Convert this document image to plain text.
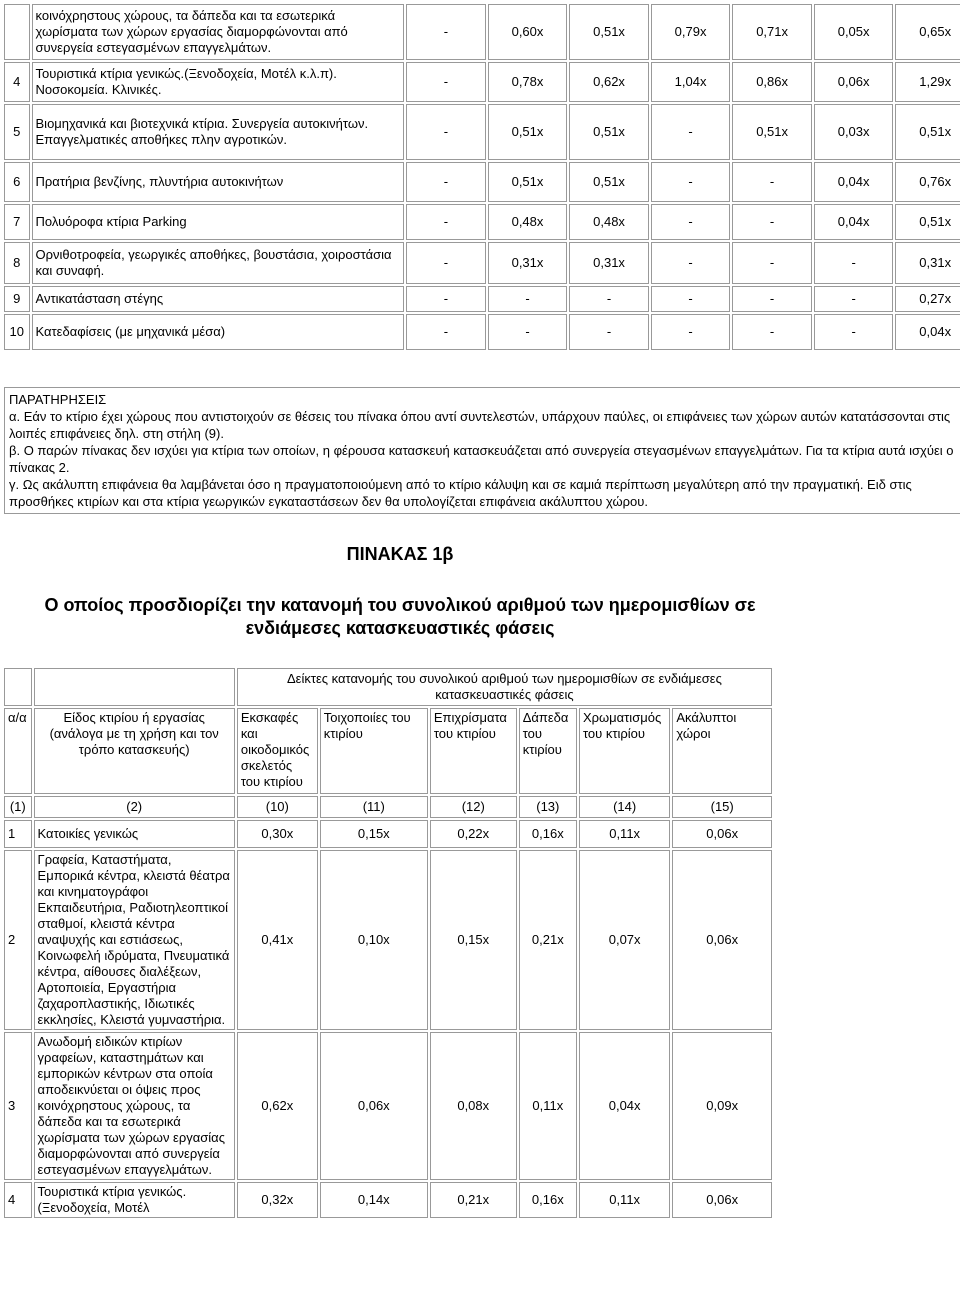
	κοινόχρηστους χώρους, τα δάπεδα και τα εσωτερικά χωρίσματα των χώρων εργασίας διαμορφώνονται από συνεργεία εστεγασμένων επαγγελμάτων.	-	0,60x	0,51x	0,79x	0,71x	0,05x	0,65x
4	Τουριστικά κτίρια γενικώς.(Ξενοδοχεία, Μοτέλ κ.λ.π). Νοσοκομεία. Κλινικές.	-	0,78x	0,62x	1,04x	0,86x	0,06x	1,29x
5	Βιομηχανικά και βιοτεχνικά κτίρια. Συνεργεία αυτοκινήτων. Επαγγελματικές αποθήκες πλην αγροτικών.	-	0,51x	0,51x	-	0,51x	0,03x	0,51x
6	Πρατήρια βενζίνης, πλυντήρια αυτοκινήτων	-	0,51x	0,51x	-	-	0,04x	0,76x
7	Πολυόροφα κτίρια Parking	-	0,48x	0,48x	-	-	0,04x	0,51x
8	Ορνιθοτροφεία, γεωργικές αποθήκες, βουστάσια, χοιροστάσια και συναφή.	-	0,31x	0,31x	-	-	-	0,31x
9	Αντικατάσταση στέγης	-	-	-	-	-	-	0,27x
10	Κατεδαφίσεις (με μηχανικά μέσα)	-	-	-	-	-	-	0,04x
ΠΑΡΑΤΗΡΗΣΕΙΣ
α. Εάν το κτίριο έχει χώρους που αντιστοιχούν σε θέσεις του πίνακα όπου αντί συντελεστών, υπάρχουν παύλες, οι επιφάνειες των χώρων αυτών κατατάσσονται στις λοιπές επιφάνειες δηλ. στη στήλη (9).
β. Ο παρών πίνακας δεν ισχύει για κτίρια των οποίων, η φέρουσα κατασκευή κατασκευάζεται από συνεργεία στεγασμένων επαγγελμάτων. Για τα κτίρια αυτά ισχύει ο πίνακας 2.
γ. Ως ακάλυπτη επιφάνεια θα λαμβάνεται όσο η πραγματοποιούμενη από το κτίριο κάλυψη και σε καμιά περίπτωση μεγαλύτερη από την πραγματική. Ειδ στις προσθήκες κτιρίων και στα κτίρια γεωργικών εγκαταστάσεων δεν θα υπολογίζεται επιφάνεια ακάλυπτου χώρου.
ΠΙΝΑΚΑΣ 1β
Ο οποίος προσδιορίζει την κατανομή του συνολικού αριθμού των ημερομισθίων σε ενδιάμεσες κατασκευαστικές φάσεις
		Δείκτες κατανομής του συνολικού αριθμού των ημερομισθίων σε ενδιάμεσες κατασκευαστικές φάσεις					
α/α	Είδος κτιρίου ή εργασίας (ανάλογα με τη χρήση και τον τρόπο κατασκευής)	Εκσκαφές και οικοδομικός σκελετός του κτιρίου	Τοιχοποιίες του κτιρίου	Επιχρίσματα του κτιρίου	Δάπεδα του κτιρίου	Χρωματισμός του κτιρίου	Ακάλυπτοι χώροι
(1)	(2)	(10)	(11)	(12)	(13)	(14)	(15)
1	Κατοικίες γενικώς	0,30x	0,15x	0,22x	0,16x	0,11x	0,06x
2	Γραφεία, Καταστήματα, Εμπορικά κέντρα, κλειστά θέατρα και κινηματογράφοι Εκπαιδευτήρια, Ραδιοτηλεοπτικοί σταθμοί, κλειστά κέντρα αναψυχής και εστιάσεως, Κοινωφελή ιδρύματα, Πνευματικά κέντρα, αίθουσες διαλέξεων, Αρτοποιεία, Εργαστήρια ζαχαροπλαστικής, Ιδιωτικές εκκλησίες, Κλειστά γυμναστήρια.	0,41x	0,10x	0,15x	0,21x	0,07x	0,06x
3	Ανωδομή ειδικών κτιρίων γραφείων, καταστημάτων και εμπορικών κέντρων στα οποία αποδεικνύεται οι όψεις προς κοινόχρηστους χώρους, τα δάπεδα και τα εσωτερικά χωρίσματα των χώρων εργασίας διαμορφώνονται από συνεργεία εστεγασμένων επαγγελμάτων.	0,62x	0,06x	0,08x	0,11x	0,04x	0,09x
4	Τουριστικά κτίρια γενικώς.(Ξενοδοχεία, Μοτέλ	0,32x	0,14x	0,21x	0,16x	0,11x	0,06x
